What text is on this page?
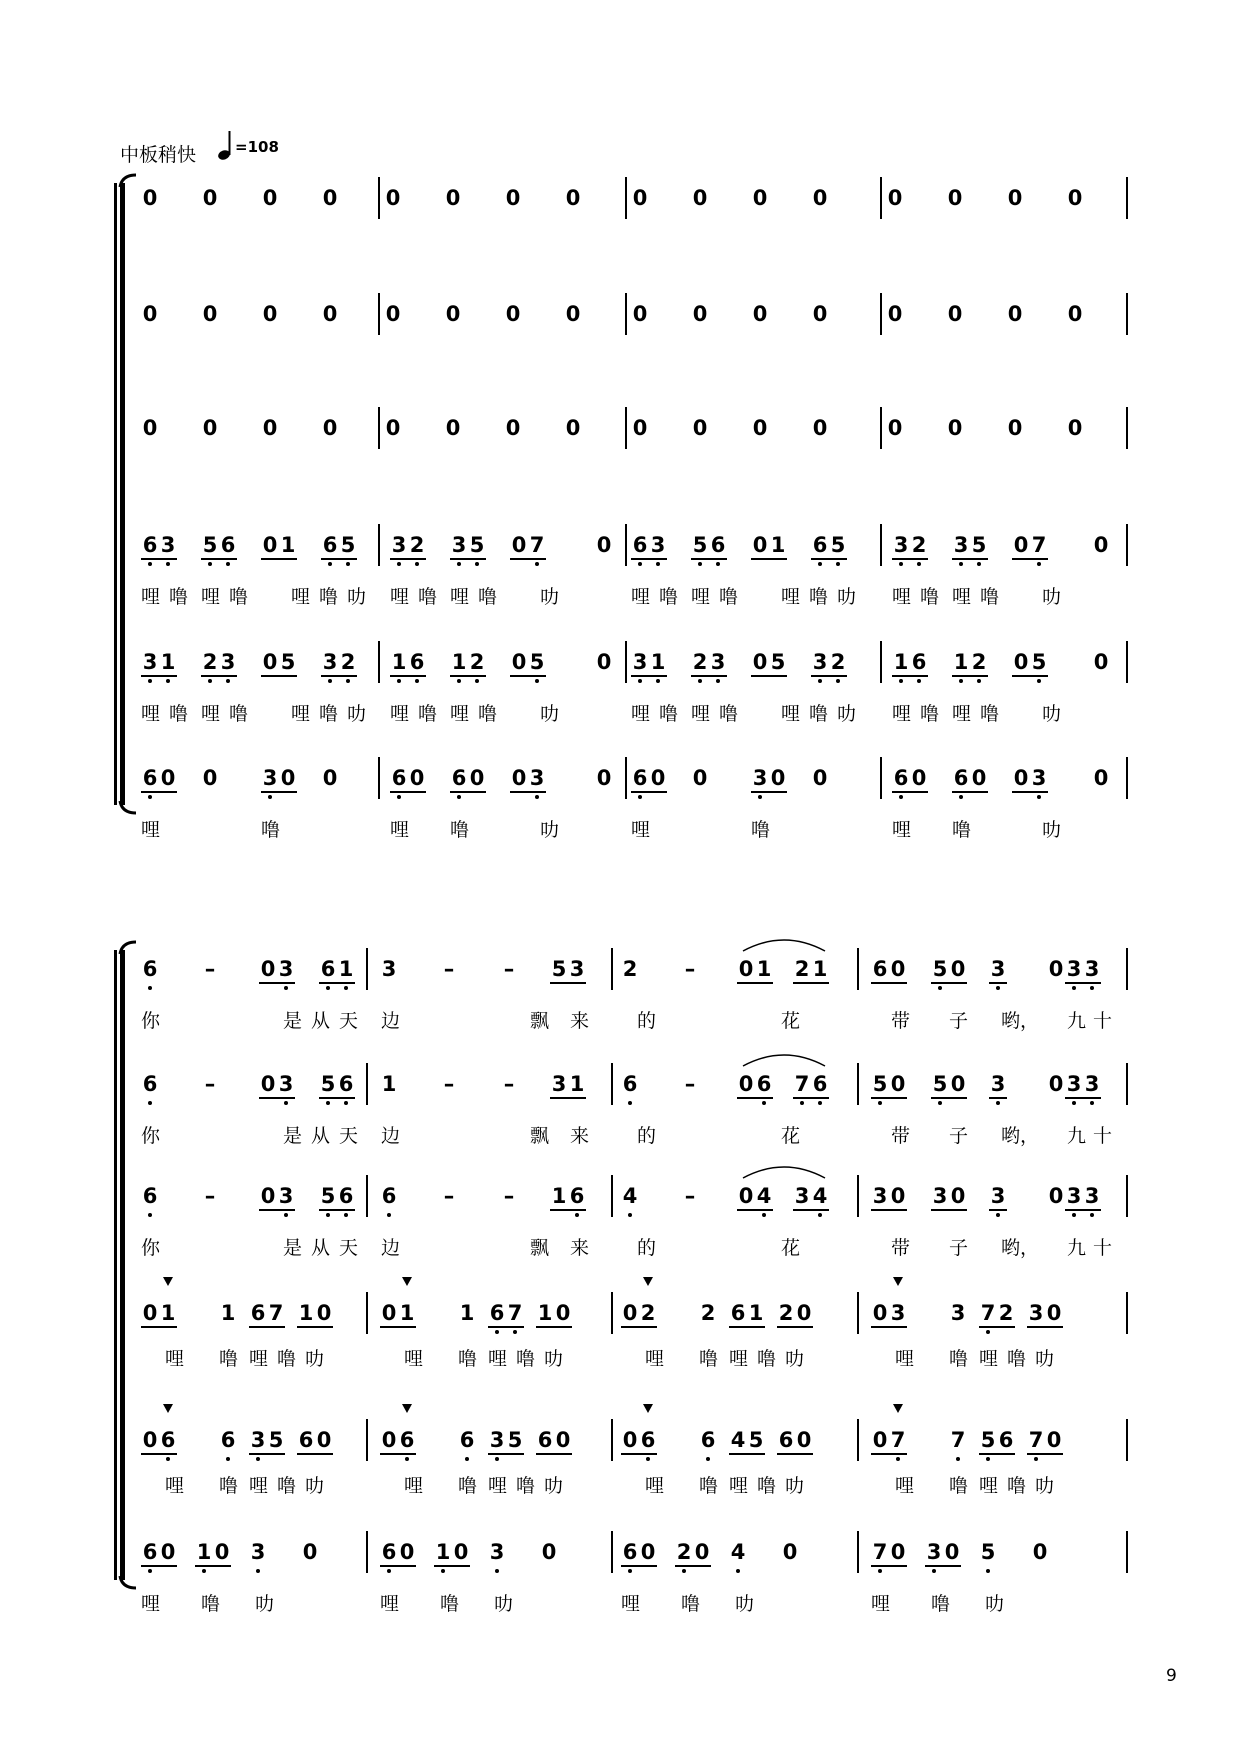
中板稍快	=108
0 0 0 0 0 0 0 0 0 0 0 0	0 0 0 0
0 0 0 0 0 0 0 0 0 0 0 0	0 0 0 0
0 0 0 0 0 0 0 0 0 0 0 0	0 0 0 0
6 3 5 6 0 1 6 5 3 2 3 5 0 7 0 6 3 5 6 0 1 6 5 3 2 3 5 0 7 0
哩 噜 哩 噜 哩 噜 叻 哩 噜 哩 噜 叻	哩 噜 哩 噜 哩 噜 叻 哩 噜 哩 噜 叻
3 1 2 3 0 5 3 2 1 6 1 2 0 5 0 3 1 2 3 0 5 3 2 1 6 1 2 0 5 0
哩 噜 哩 噜 哩 噜 叻 哩 噜 哩 噜 叻	哩 噜 哩 噜 哩 噜 叻 哩 噜 哩 噜 叻
6 0 0 3 0 0	6 0 6 0 0 3 0 6 0 0 3 0 0	6 0 6 0 0 3 0
哩	噜	哩 噜	叻	哩	噜	哩 噜	叻
6 – 0 3 6 1 3 – – 5 3 2 – 0 1 2 1 6 0 5 0 3 0 3 3
你	是 从 天 边	飘 来	的	花	带 子 哟， 九 十
6 – 0 3 5 6 1 – – 3 1 6 – 0 6 7 6 5 0 5 0 3 0 3 3
你	是 从 天 边	飘 来	的	花	带 子 哟， 九 十
6 – 0 3 5 6 6 – – 1 6 4 – 0 4 3 4 3 0 3 0 3 0 3 3
你	是 从 天 边	飘 来	的	花	带 子 哟， 九 十
0 1 1 6 7 1 0 0 1 1 6 7 1 0 0 2 2 6 1 2 0	0 3 3 7 2 3 0
哩 噜 哩 噜 叻	哩 噜 哩 噜 叻	哩 噜 哩 噜 叻	哩 噜 哩 噜 叻
0 6 6 3 5 6 0 0 6 6 3 5 6 0 0 6 6 4 5 6 0	0 7 7 5 6 7 0
哩 噜 哩 噜 叻	哩 噜 哩 噜 叻	哩 噜 哩 噜 叻	哩 噜 哩 噜 叻
6 0 1 0 3 0	6 0 1 0 3 0	6 0 2 0 4 0	7 0 3 0 5 0
哩 噜 叻	哩 噜 叻	哩 噜 叻	哩 噜 叻
9
